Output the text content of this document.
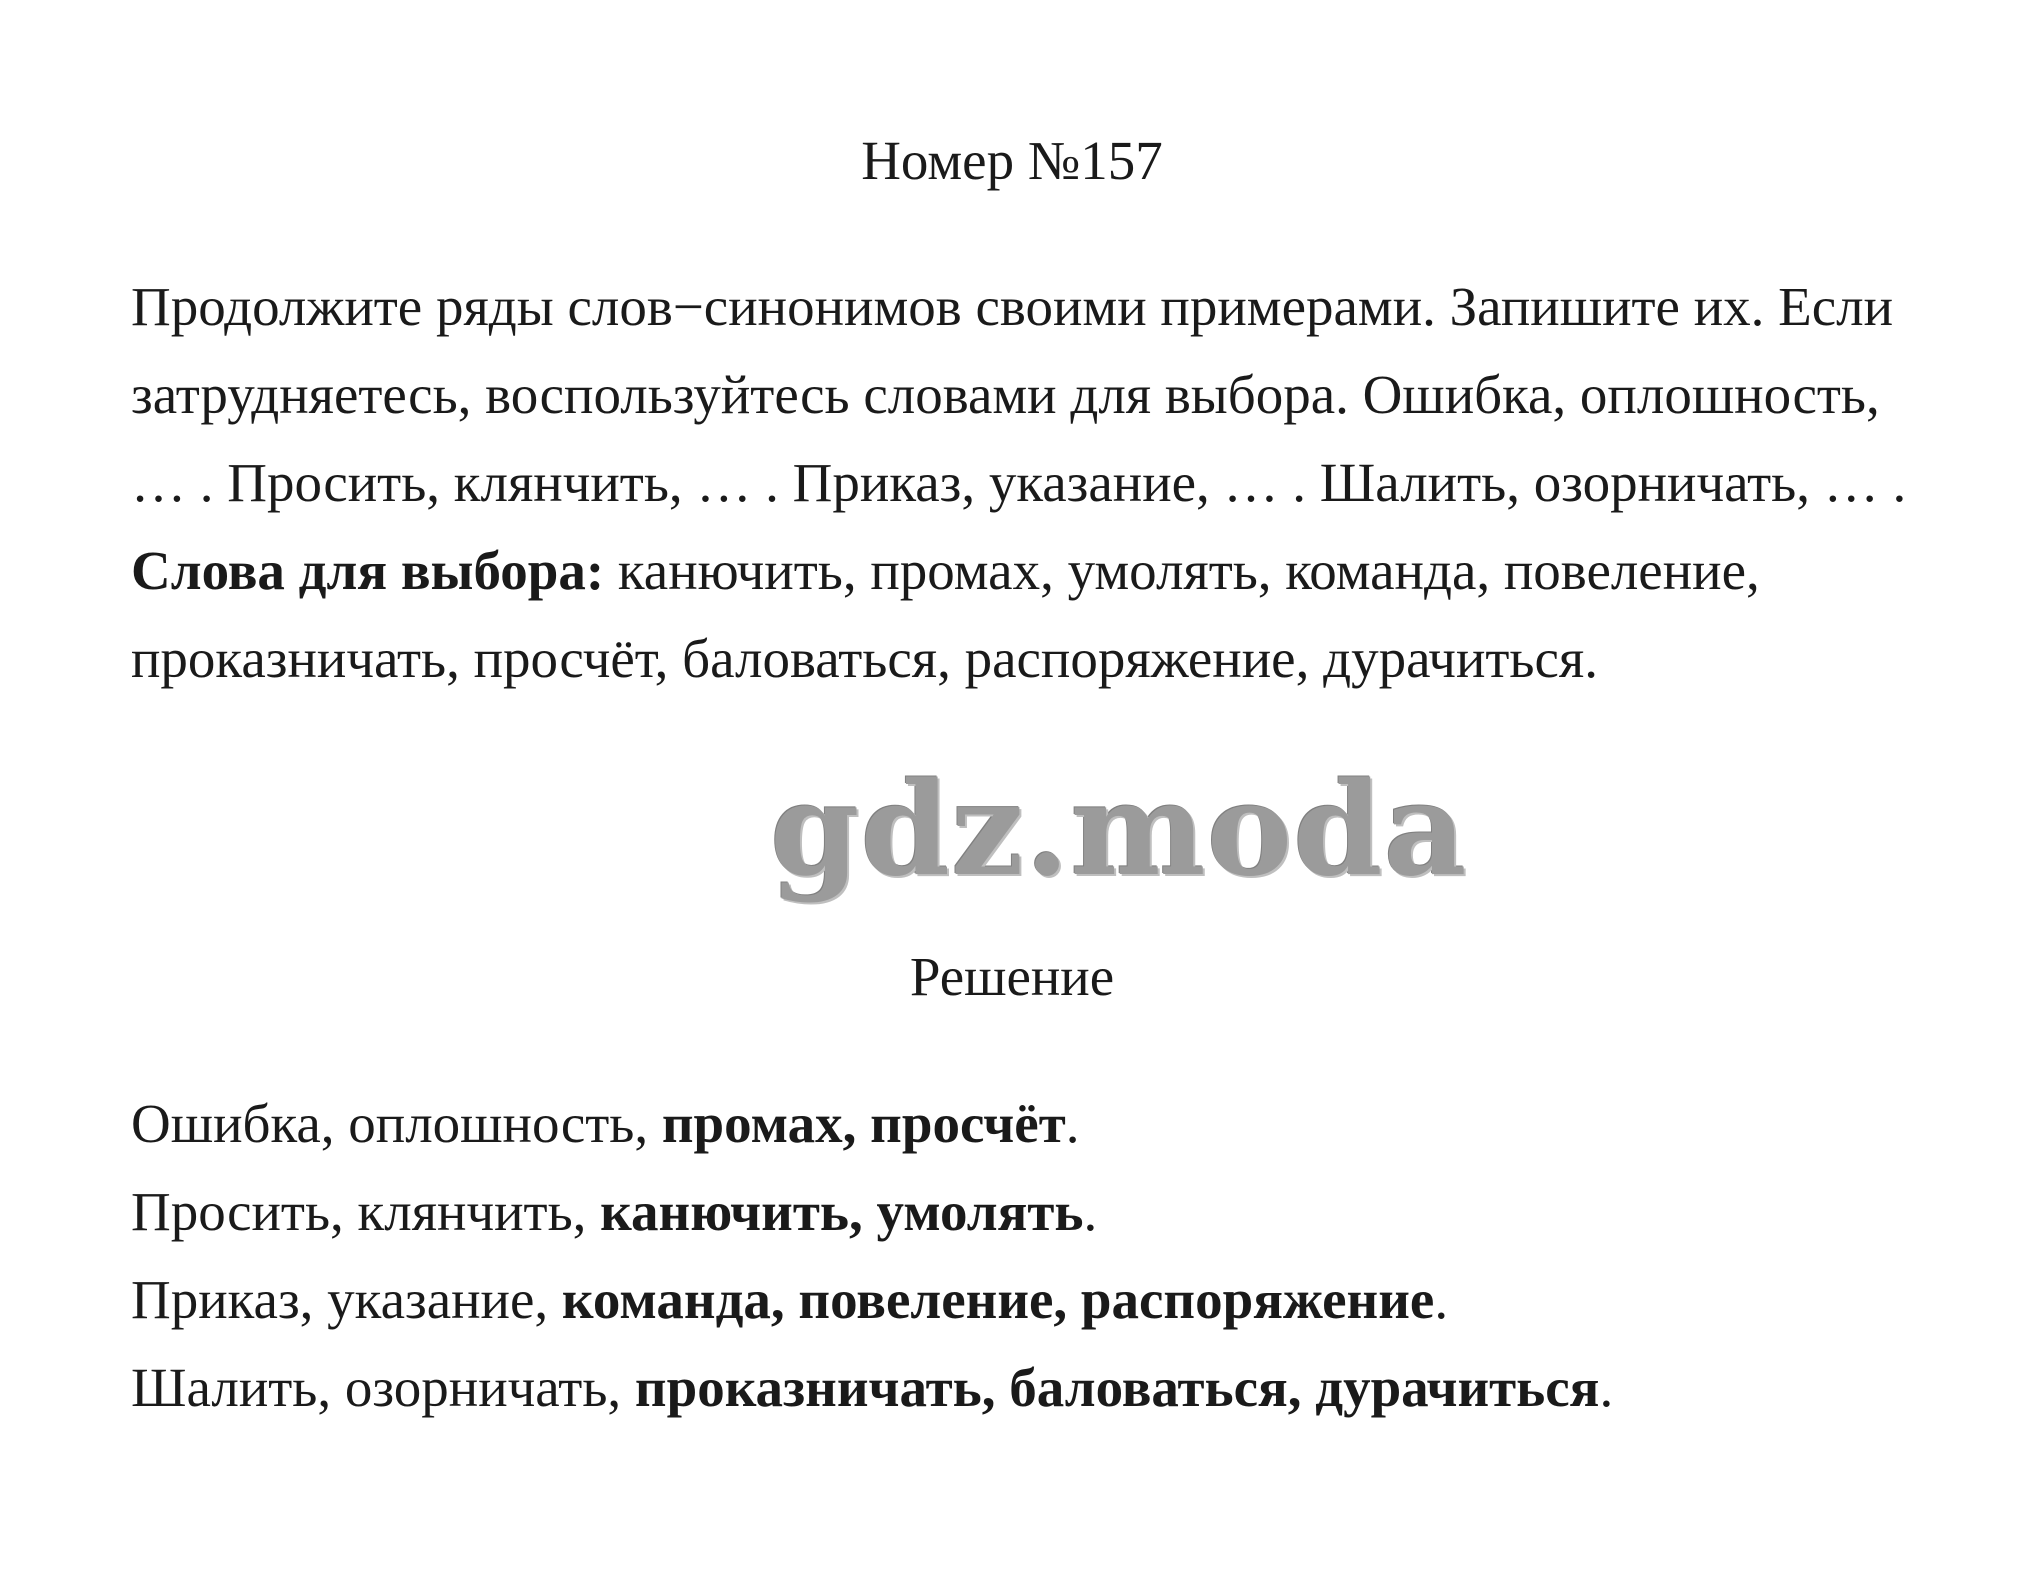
Номер №157

Продолжите ряды слов−синонимов своими примерами. Запишите их. Если затрудняетесь, воспользуйтесь словами для выбора. Ошибка, оплошность, … . Просить, клянчить, … . Приказ, указание, … . Шалить, озорничать, … .

Слова для выбора: канючить, промах, умолять, команда, повеление, проказничать, просчёт, баловаться, распоряжение, дурачиться.

gdz.moda
Решение

Ошибка, оплошность, промах, просчёт.

Просить, клянчить, канючить, умолять.

Приказ, указание, команда, повеление, распоряжение.

Шалить, озорничать, проказничать, баловаться, дурачиться.
